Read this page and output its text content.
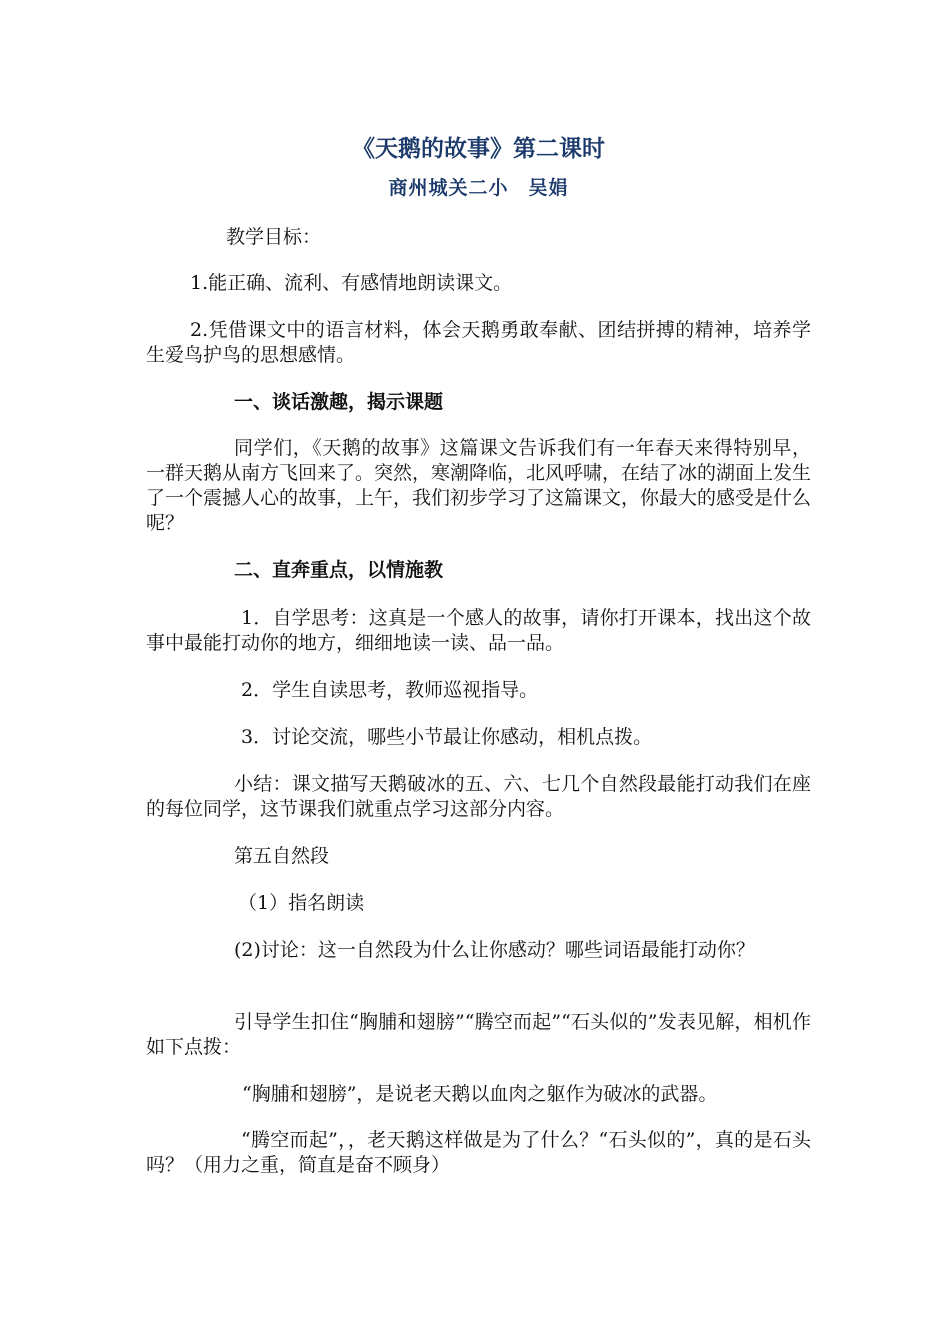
《天鹅的故事》第二课时
商州城关二小　吴娟

教学目标：

1.能正确、流利、有感情地朗读课文。

2.凭借课文中的语言材料，体会天鹅勇敢奉献、团结拼搏的精神，培养学生爱鸟护鸟的思想感情。

一、谈话激趣，揭示课题

同学们，《天鹅的故事》这篇课文告诉我们有一年春天来得特别早，一群天鹅从南方飞回来了。突然，寒潮降临，北风呼啸，在结了冰的湖面上发生了一个震撼人心的故事，上午，我们初步学习了这篇课文，你最大的感受是什么呢？

二、直奔重点，以情施教

1．自学思考：这真是一个感人的故事，请你打开课本，找出这个故事中最能打动你的地方，细细地读一读、品一品。

2．学生自读思考，教师巡视指导。

3．讨论交流，哪些小节最让你感动，相机点拨。

小结：课文描写天鹅破冰的五、六、七几个自然段最能打动我们在座的每位同学，这节课我们就重点学习这部分内容。

第五自然段

（1）指名朗读

(2)讨论：这一自然段为什么让你感动？哪些词语最能打动你？

引导学生扣住“胸脯和翅膀”“腾空而起”“石头似的”发表见解，相机作如下点拨：

“胸脯和翅膀”，是说老天鹅以血肉之躯作为破冰的武器。

“腾空而起”，，老天鹅这样做是为了什么？“石头似的”，真的是石头吗？（用力之重，简直是奋不顾身）
